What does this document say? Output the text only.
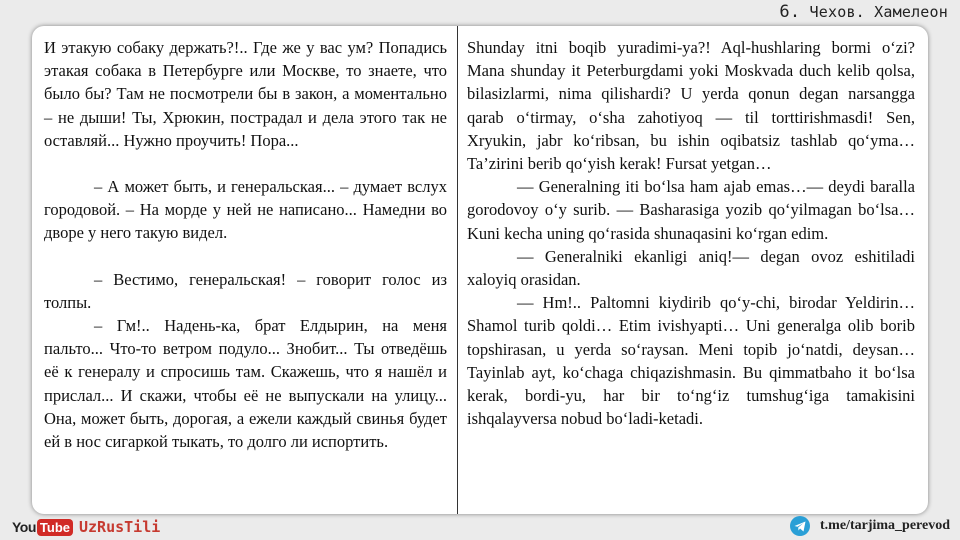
6. Чехов. Хамелеон

И этакую собаку держать?!.. Где же у вас ум? Попадись этакая собака в Петербурге или Москве, то знаете, что было бы? Там не посмотрели бы в закон, а моментально – не дыши! Ты, Хрюкин, пострадал и дела этого так не оставляй... Нужно проучить! Пора...

– А может быть, и генеральская... – думает вслух городовой. – На морде у ней не написано... Намедни во дворе у него такую видел.

– Вестимо, генеральская! – говорит голос из толпы.

– Гм!.. Надень-ка, брат Елдырин, на меня пальто... Что-то ветром подуло... Знобит... Ты отведёшь её к генералу и спросишь там. Скажешь, что я нашёл и прислал... И скажи, чтобы её не выпускали на улицу... Она, может быть, дорогая, а ежели каждый свинья будет ей в нос сигаркой тыкать, то долго ли испортить.

Shunday itni boqib yuradimi-ya?! Aql-hushlaring bormi o‘zi? Mana shunday it Peterburgdami yoki Moskvada duch kelib qolsa, bilasizlarmi, nima qilishardi? U yerda qonun degan narsangga qarab o‘tirmay, o‘sha zahotiyoq — til torttirishmasdi! Sen, Xryukin, jabr ko‘ribsan, bu ishin oqibatsiz tashlab qo‘yma… Ta’zirini berib qo‘yish kerak! Fursat yetgan…

— Generalning iti bo‘lsa ham ajab emas…— deydi baralla gorodovoy o‘y surib. — Basharasiga yozib qo‘yilmagan bo‘lsa… Kuni kecha uning qo‘rasida shunaqasini ko‘rgan edim.

— Generalniki ekanligi aniq!— degan ovoz eshitiladi xaloyiq orasidan.

— Hm!.. Paltomni kiydirib qo‘y-chi, birodar Yeldirin… Shamol turib qoldi… Etim ivishyapti… Uni generalga olib borib topshirasan, u yerda so‘raysan. Meni topib jo‘natdi, deysan… Tayinlab ayt, ko‘chaga chiqazishmasin. Bu qimmatbaho it bo‘lsa kerak, bordi-yu, har bir to‘ng‘iz tumshug‘iga tamakisini ishqalayversa nobud bo‘ladi-ketadi.

You Tube UzRusTili	t.me/tarjima_perevod
